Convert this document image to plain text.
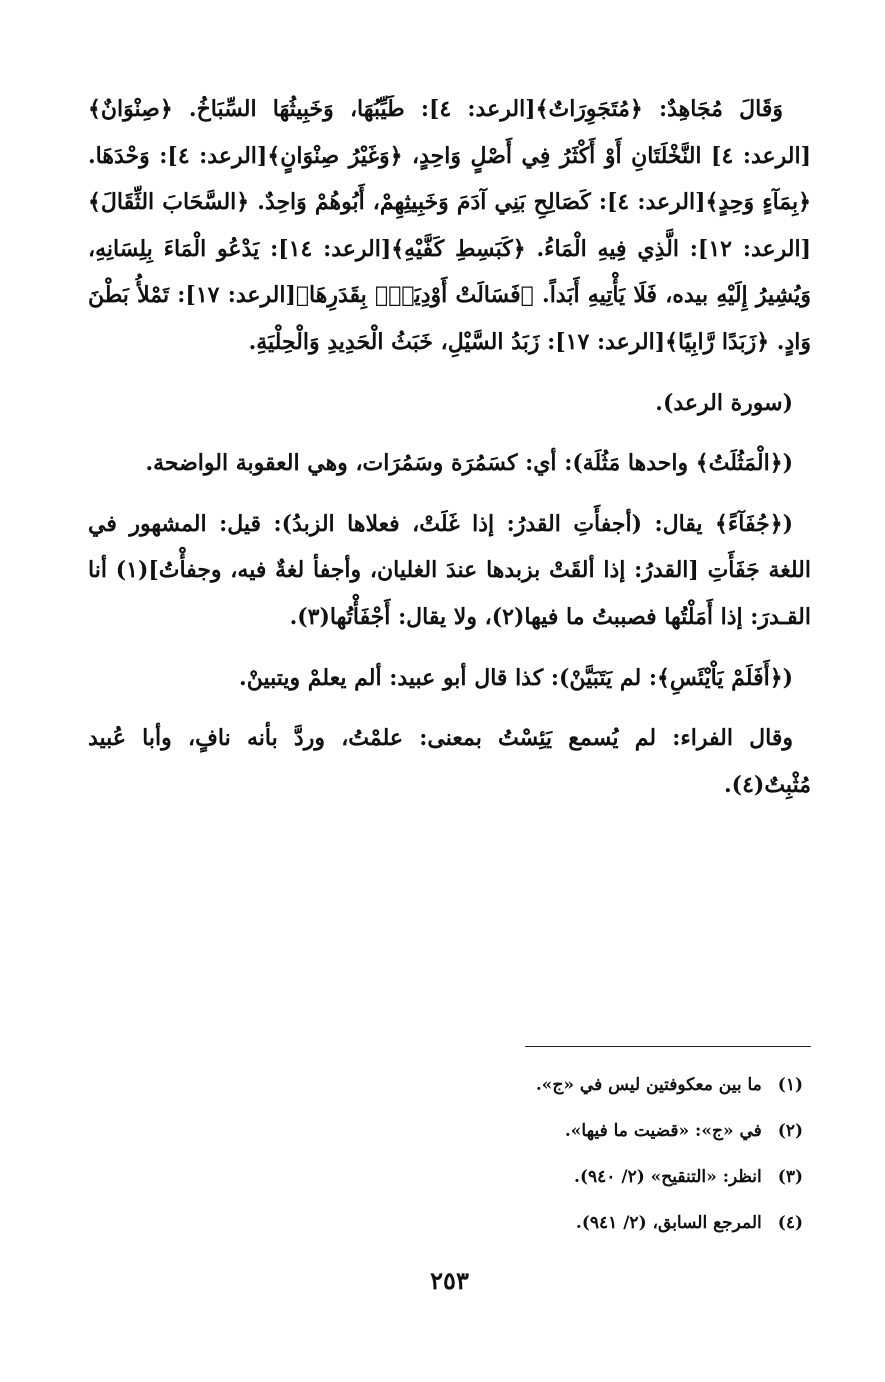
وَقَالَ مُجَاهِدٌ: ﴿مُتَجَوِرَاتٌ﴾[الرعد: ٤]: طَيِّبُهَا، وَخَبِيثُهَا السِّبَاخُ. ﴿صِنْوَانٌ﴾[الرعد: ٤] النَّخْلَتَانِ أَوْ أَكْثَرُ فِي أَصْلٍ وَاحِدٍ، ﴿وَغَيْرُ صِنْوَانٍ﴾[الرعد: ٤]: وَحْدَهَا. ﴿بِمَآءٍ وَحِدٍ﴾[الرعد: ٤]: كَصَالِحِ بَنِي آدَمَ وَخَبِيثِهِمْ، أَبُوهُمْ وَاحِدٌ. ﴿السَّحَابَ الثِّقَالَ﴾[الرعد: ١٢]: الَّذِي فِيهِ الْمَاءُ. ﴿كَبَسِطِ كَفَّيْهِ﴾[الرعد: ١٤]: يَدْعُو الْمَاءَ بِلِسَانِهِ، وَيُشِيرُ إِلَيْهِ بيده، فَلَا يَأْتِيهِ أَبَداً. ﴿فَسَالَتْ أَوْدِيَةٌۢ بِقَدَرِهَا﴾[الرعد: ١٧]: تَمْلأُ بَطْنَ وَادٍ. ﴿زَبَدًا رَّابِيًا﴾[الرعد: ١٧]: زَبَدُ السَّيْلِ، خَبَثُ الْحَدِيدِ وَالْحِلْيَةِ.

(سورة الرعد).

(﴿الْمَثُلَتُ﴾ واحدها مَثُلَة): أي: كسَمُرَة وسَمُرَات، وهي العقوبة الواضحة.

(﴿جُفَآءً﴾ يقال: (أجفأَتِ القدرُ: إذا غَلَتْ، فعلاها الزبدُ): قيل: المشهور في اللغة جَفَأَتِ [القدرُ: إذا ألقَتْ بزبدها عندَ الغليان، وأجفأ لغةٌ فيه، وجفأْتُ](١) أنا القـدرَ: إذا أَمَلْتُها فصببتُ ما فيها(٢)، ولا يقال: أَجْفَأْتُها(٣).

(﴿أَفَلَمْ يَاْيْئَسِ﴾: لم يَتَبَيَّنْ): كذا قال أبو عبيد: ألم يعلمْ ويتبينْ.

وقال الفراء: لم يُسمع يَئِسْتُ بمعنى: علمْتُ، وردَّ بأنه نافٍ، وأبا عُبيد مُثْبِتٌ(٤).

(١)ما بين معكوفتين ليس في «ج».
(٢)في «ج»: «قضيت ما فيها».
(٣)انظر: «التنقيح» (٢/ ٩٤٠).
(٤)المرجع السابق، (٢/ ٩٤١).
٢٥٣
